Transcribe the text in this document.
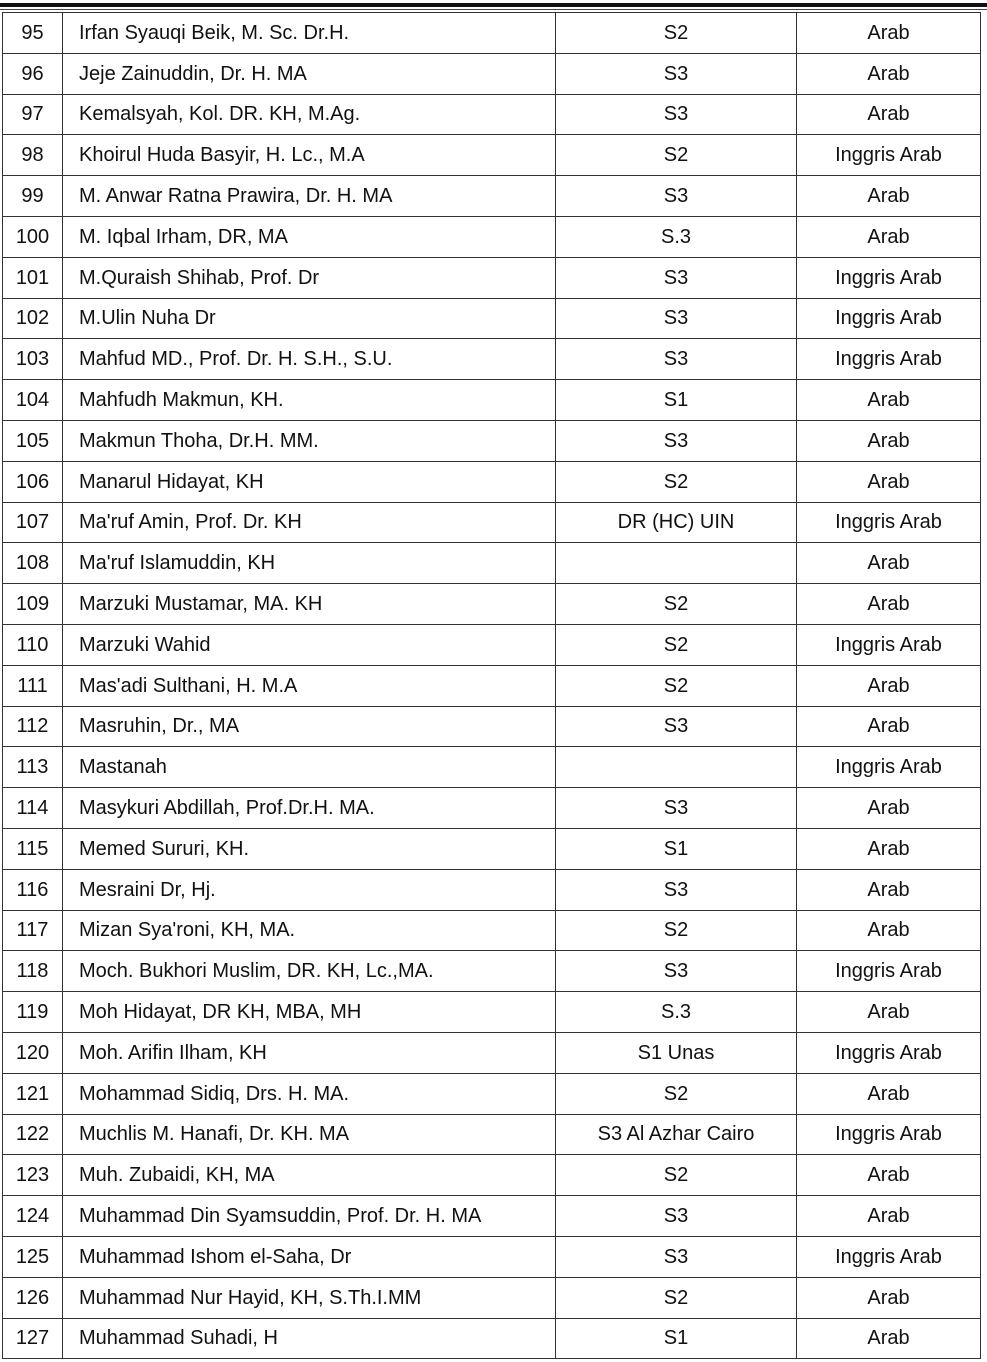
95	Irfan Syauqi Beik, M. Sc. Dr.H.	S2	Arab
96	Jeje Zainuddin, Dr. H. MA	S3	Arab
97	Kemalsyah, Kol. DR. KH, M.Ag.	S3	Arab
98	Khoirul Huda Basyir, H. Lc., M.A	S2	Inggris Arab
99	M. Anwar Ratna Prawira, Dr. H. MA	S3	Arab
100	M. Iqbal Irham, DR, MA	S.3	Arab
101	M.Quraish Shihab, Prof. Dr	S3	Inggris Arab
102	M.Ulin Nuha Dr	S3	Inggris Arab
103	Mahfud MD., Prof. Dr. H. S.H., S.U.	S3	Inggris Arab
104	Mahfudh Makmun, KH.	S1	Arab
105	Makmun Thoha, Dr.H. MM.	S3	Arab
106	Manarul Hidayat, KH	S2	Arab
107	Ma'ruf Amin, Prof. Dr. KH	DR (HC) UIN	Inggris Arab
108	Ma'ruf Islamuddin, KH		Arab
109	Marzuki Mustamar, MA. KH	S2	Arab
110	Marzuki Wahid	S2	Inggris Arab
111	Mas'adi Sulthani, H. M.A	S2	Arab
112	Masruhin, Dr., MA	S3	Arab
113	Mastanah		Inggris Arab
114	Masykuri Abdillah, Prof.Dr.H. MA.	S3	Arab
115	Memed Sururi, KH.	S1	Arab
116	Mesraini Dr, Hj.	S3	Arab
117	Mizan Sya'roni, KH, MA.	S2	Arab
118	Moch. Bukhori Muslim, DR. KH, Lc.,MA.	S3	Inggris Arab
119	Moh Hidayat, DR KH, MBA, MH	S.3	Arab
120	Moh. Arifin Ilham, KH	S1 Unas	Inggris Arab
121	Mohammad Sidiq, Drs. H. MA.	S2	Arab
122	Muchlis M. Hanafi, Dr. KH. MA	S3 Al Azhar Cairo	Inggris Arab
123	Muh. Zubaidi, KH, MA	S2	Arab
124	Muhammad Din Syamsuddin, Prof. Dr. H. MA	S3	Arab
125	Muhammad Ishom el-Saha, Dr	S3	Inggris Arab
126	Muhammad Nur Hayid, KH, S.Th.I.MM	S2	Arab
127	Muhammad Suhadi, H	S1	Arab
